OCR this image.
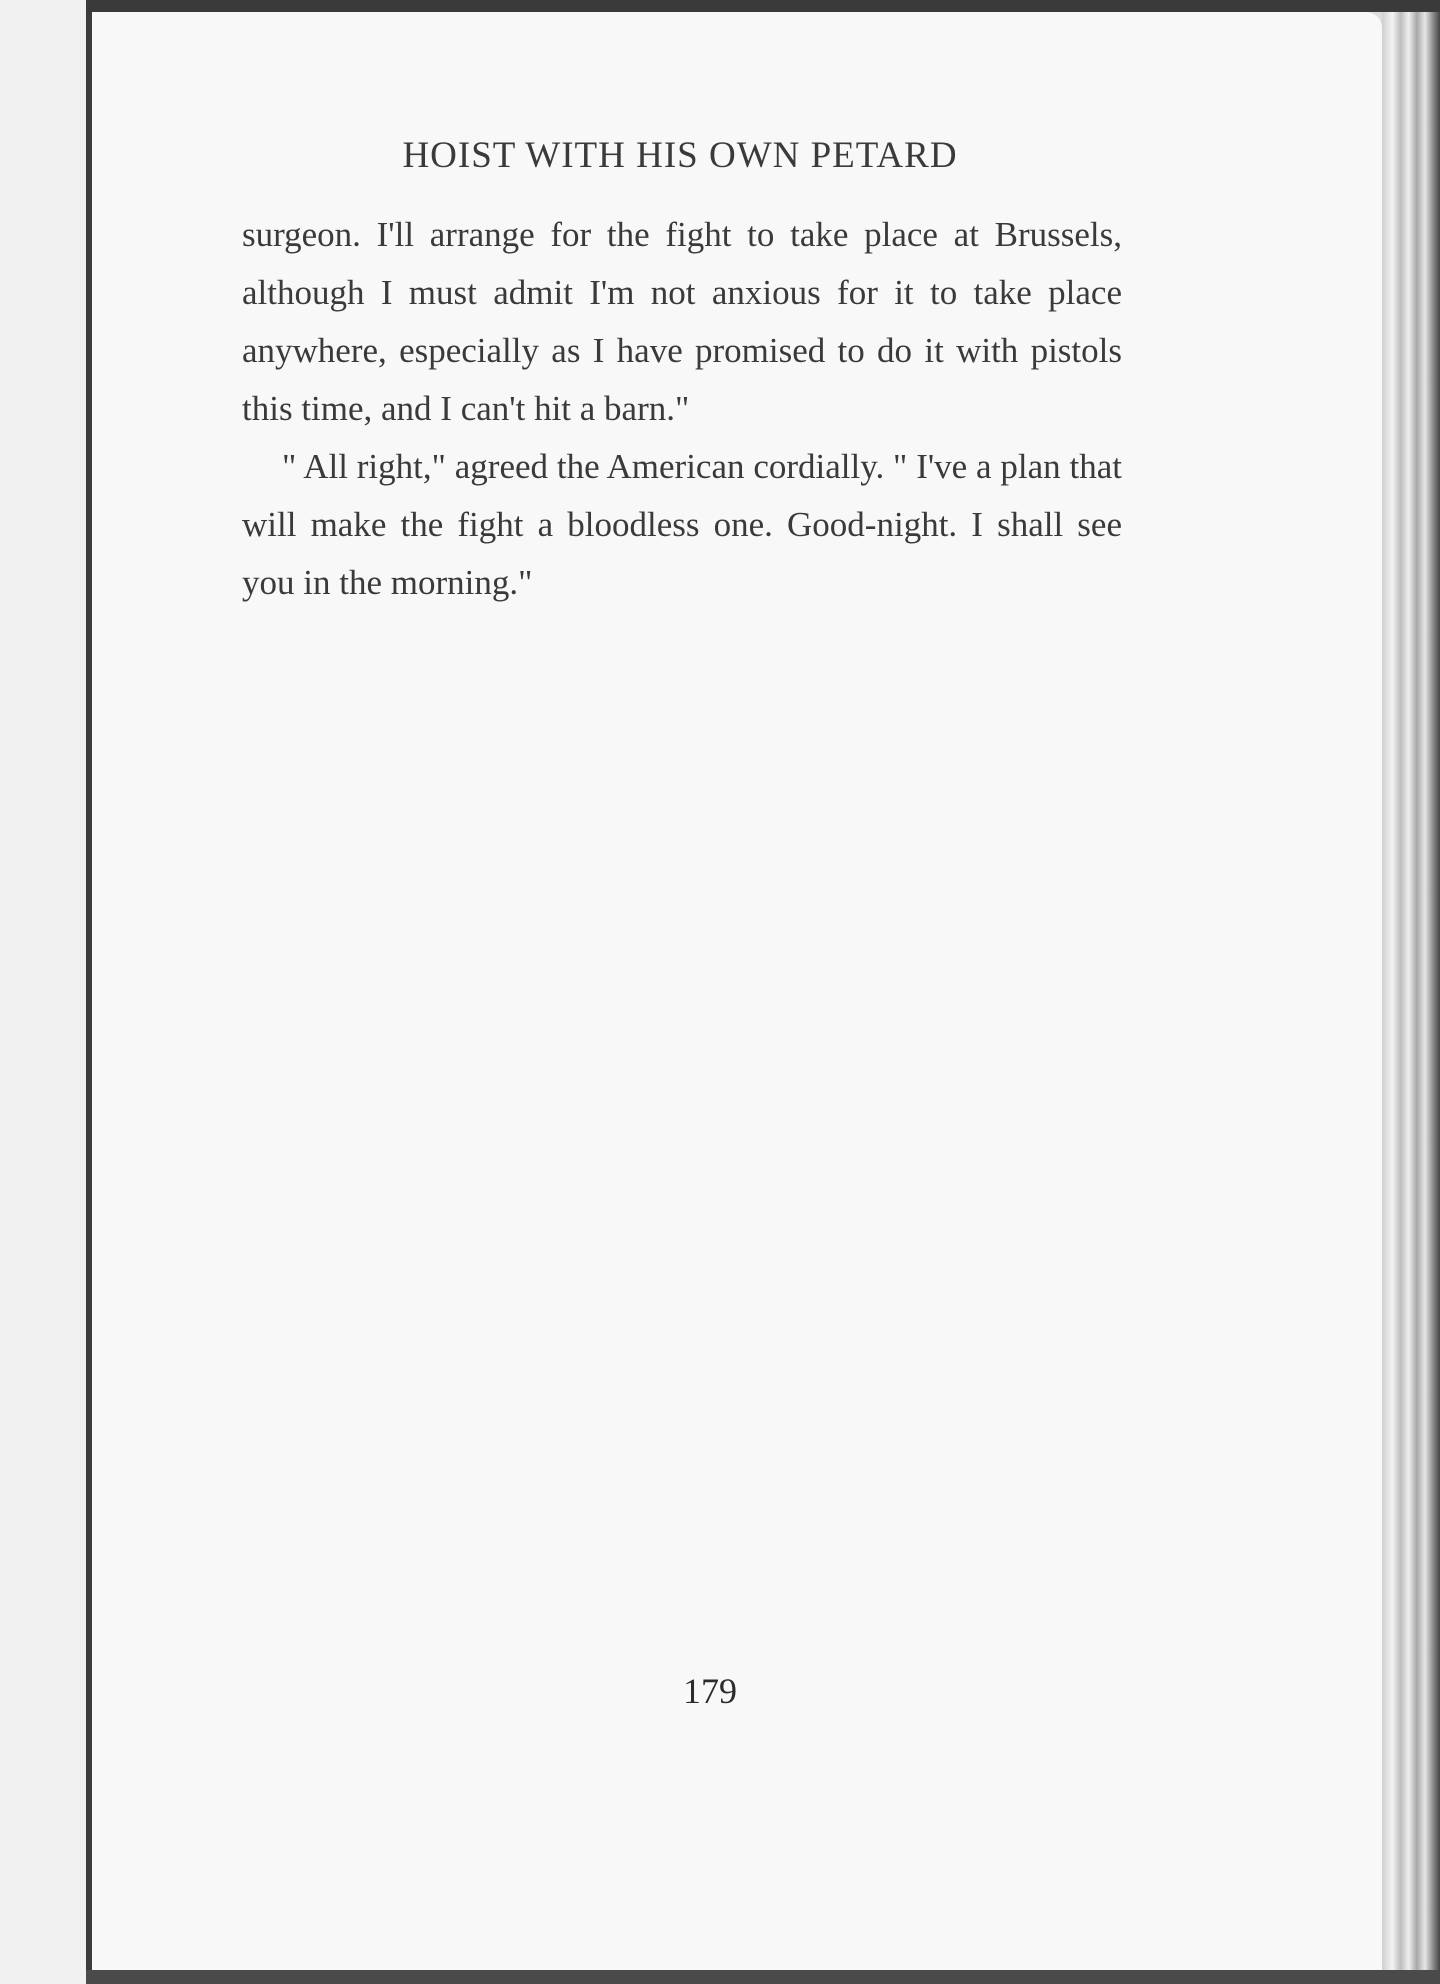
HOIST WITH HIS OWN PETARD

surgeon. I'll arrange for the fight to take place at Brussels, although I must admit I'm not anxious for it to take place anywhere, especially as I have promised to do it with pistols this time, and I can't hit a barn."

" All right," agreed the American cordially. " I've a plan that will make the fight a bloodless one. Good-night. I shall see you in the morning."

179
